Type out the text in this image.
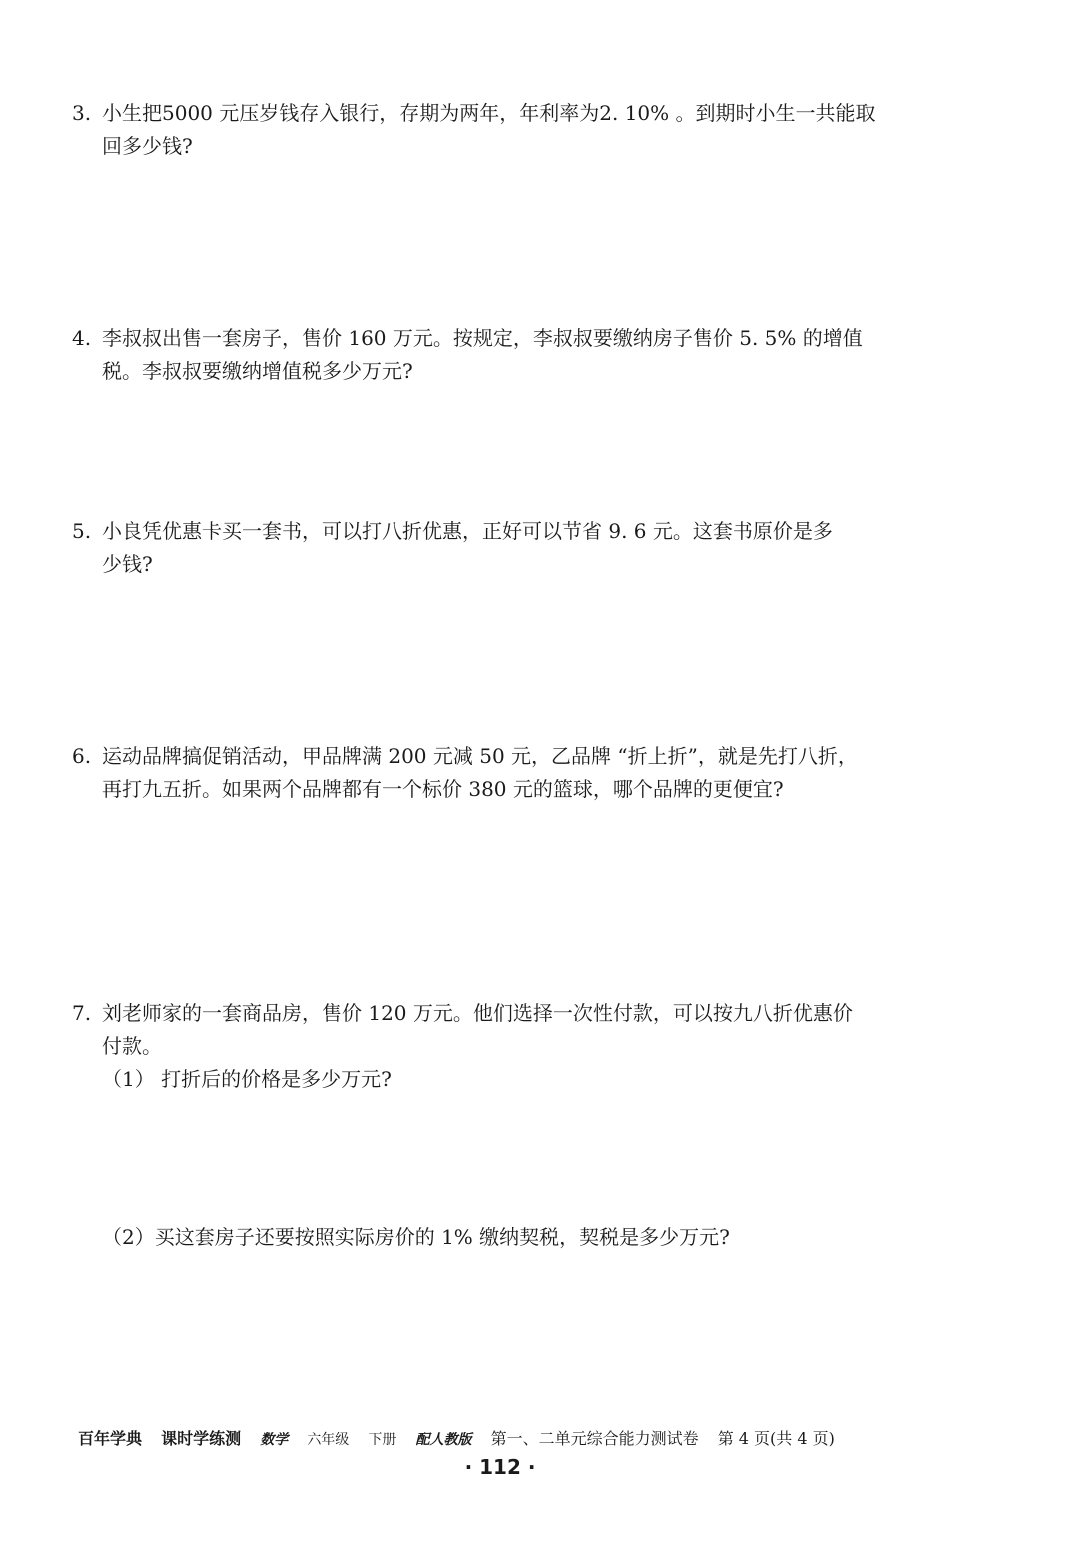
3. 小生把5000 元压岁钱存入银行，存期为两年，年利率为2. 10% 。到期时小生一共能取
回多少钱?
4. 李叔叔出售一套房子，售价 160 万元。按规定，李叔叔要缴纳房子售价 5. 5% 的增值
税。李叔叔要缴纳增值税多少万元?
5. 小良凭优惠卡买一套书，可以打八折优惠，正好可以节省 9. 6 元。这套书原价是多
少钱?
6. 运动品牌搞促销活动，甲品牌满 200 元减 50 元，乙品牌 “折上折”，就是先打八折，
再打九五折。如果两个品牌都有一个标价 380 元的篮球，哪个品牌的更便宜?
7. 刘老师家的一套商品房，售价 120 万元。他们选择一次性付款，可以按九八折优惠价
付款。
（1） 打折后的价格是多少万元?
（2）买这套房子还要按照实际房价的 1% 缴纳契税，契税是多少万元?
百年学典 课时学练测 数学 六年级 下册 配人教版 第一、二单元综合能力测试卷 第 4 页(共 4 页)
· 112 ·
